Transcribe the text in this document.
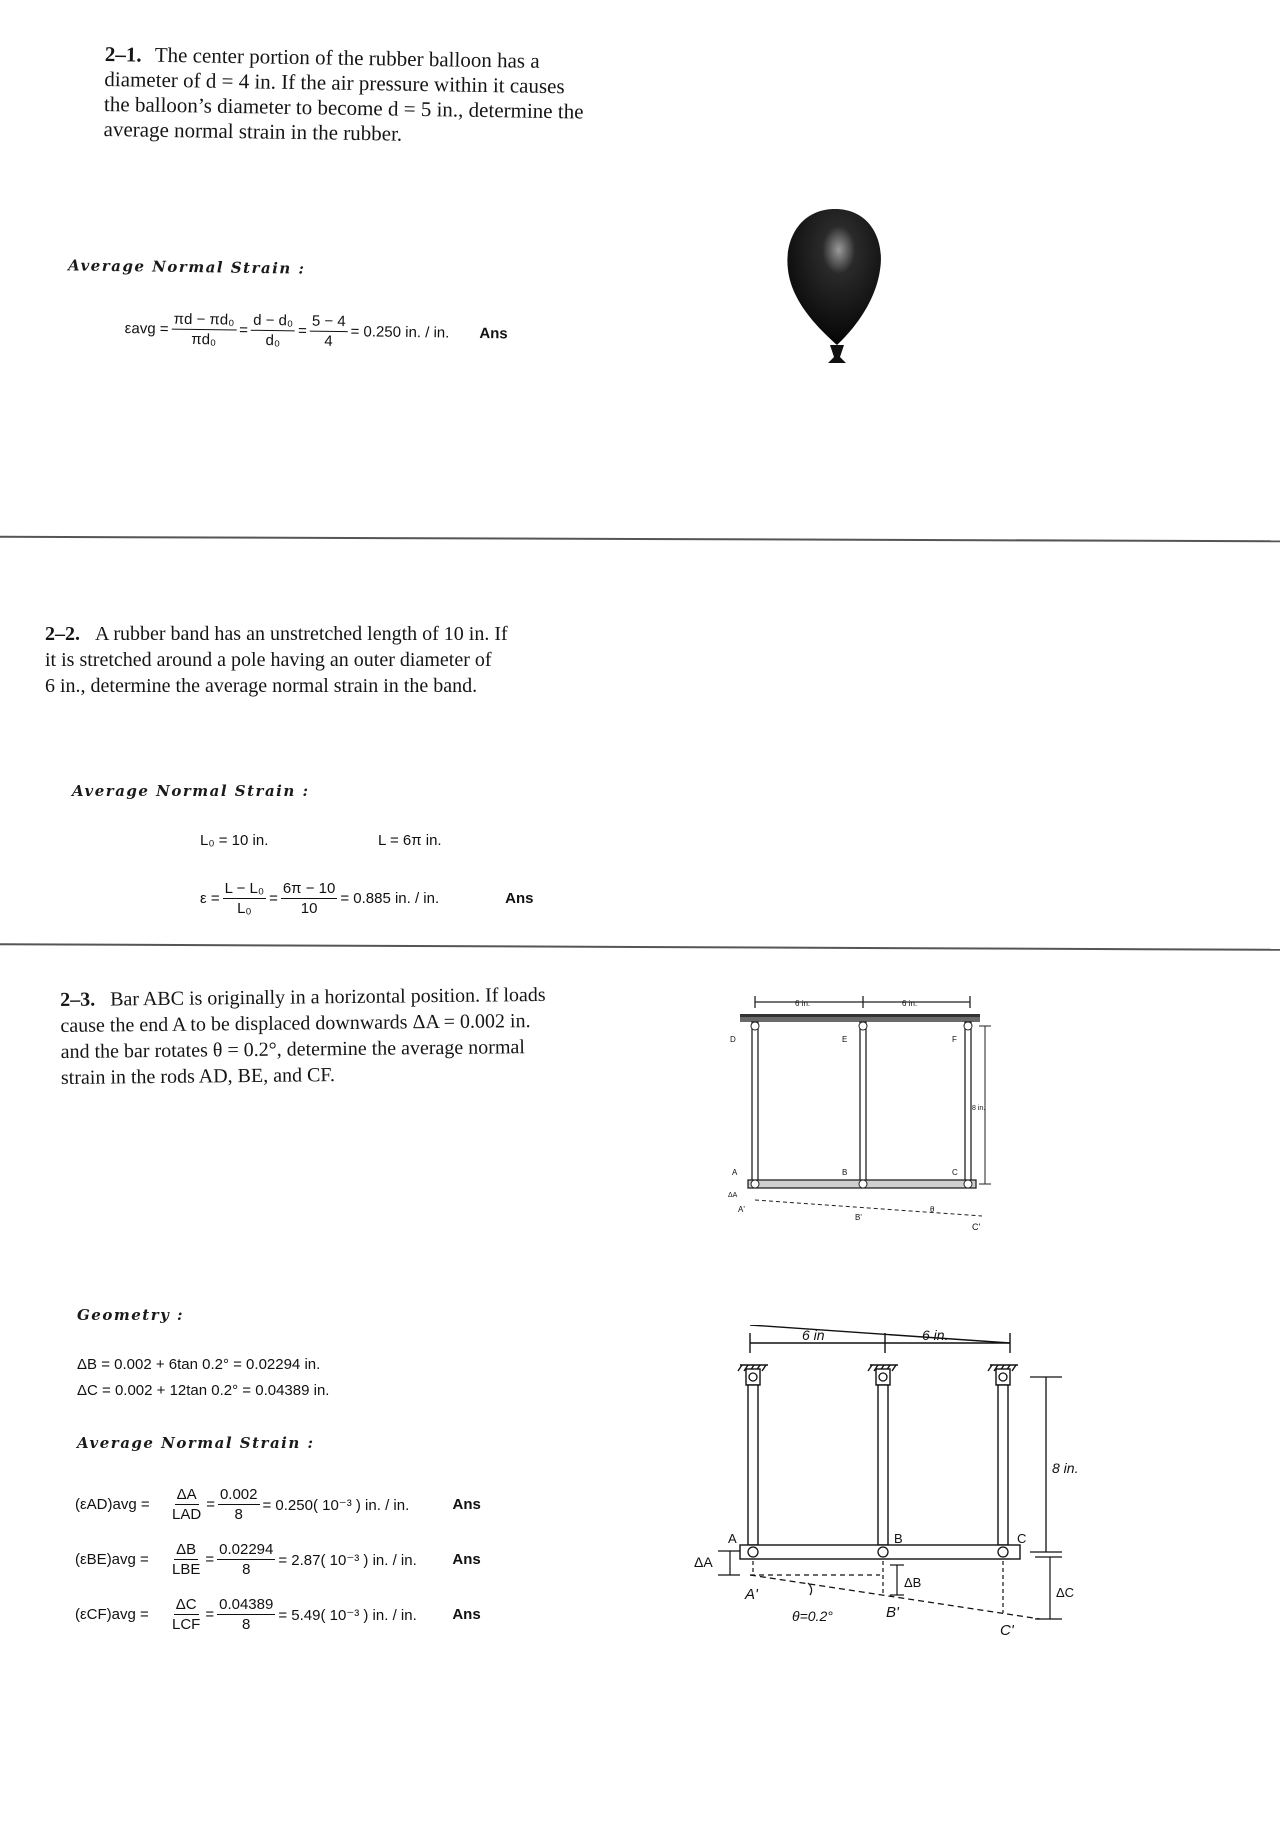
2–1. The center portion of the rubber balloon has a
diameter of d = 4 in. If the air pressure within it causes
the balloon’s diameter to become d = 5 in., determine the
average normal strain in the rubber.
Average Normal Strain :
$\varepsilon avg = \frac{\text{πd − πd₀}}{\text{πd₀}} = \frac{\text{d − d₀}}{\text{d₀}} = \frac{5 - 4}{4} = 0.250$ in. / in. Ans
2–2. A rubber band has an unstretched length of 10 in. If
it is stretched around a pole having an outer diameter of
6 in., determine the average normal strain in the band.
Average Normal Strain :
L₀ = 10 in.	L = 6π in.
$\varepsilon = \frac{\text{L − L₀}}{\text{L₀}} = \frac{6\pi - 10}{10} = 0.885$ in. / in.	Ans
2–3. Bar ABC is originally in a horizontal position. If loads
cause the end A to be displaced downwards ΔA = 0.002 in.
and the bar rotates θ = 0.2°, determine the average normal
strain in the rods AD, BE, and CF.
6 in.	6 in.
8 in.
D	E	F
A	B	C
A'
B'
C'
ΔA
θ
Geometry :
ΔB = 0.002 + 6tan 0.2° = 0.02294 in.
ΔC = 0.002 + 12tan 0.2° = 0.04389 in.
Average Normal Strain :
(εAD)avg =	$\frac{\Delta A}{\text{LAD}} = \frac{0.002}{8} = 0.250$( 10⁻³ ) in. / in.	Ans
(εBE)avg =	$\frac{\Delta B}{\text{LBE}} = \frac{0.02294}{8} = 2.87$( 10⁻³ ) in. / in.	Ans
(εCF)avg =	$\frac{\Delta C}{\text{LCF}} = \frac{0.04389}{8} = 5.49$( 10⁻³ ) in. / in.	Ans
6 in	6 in.
8 in.
A	B	C
A'
B'
C'
ΔA
ΔB
ΔC
θ=0.2°
